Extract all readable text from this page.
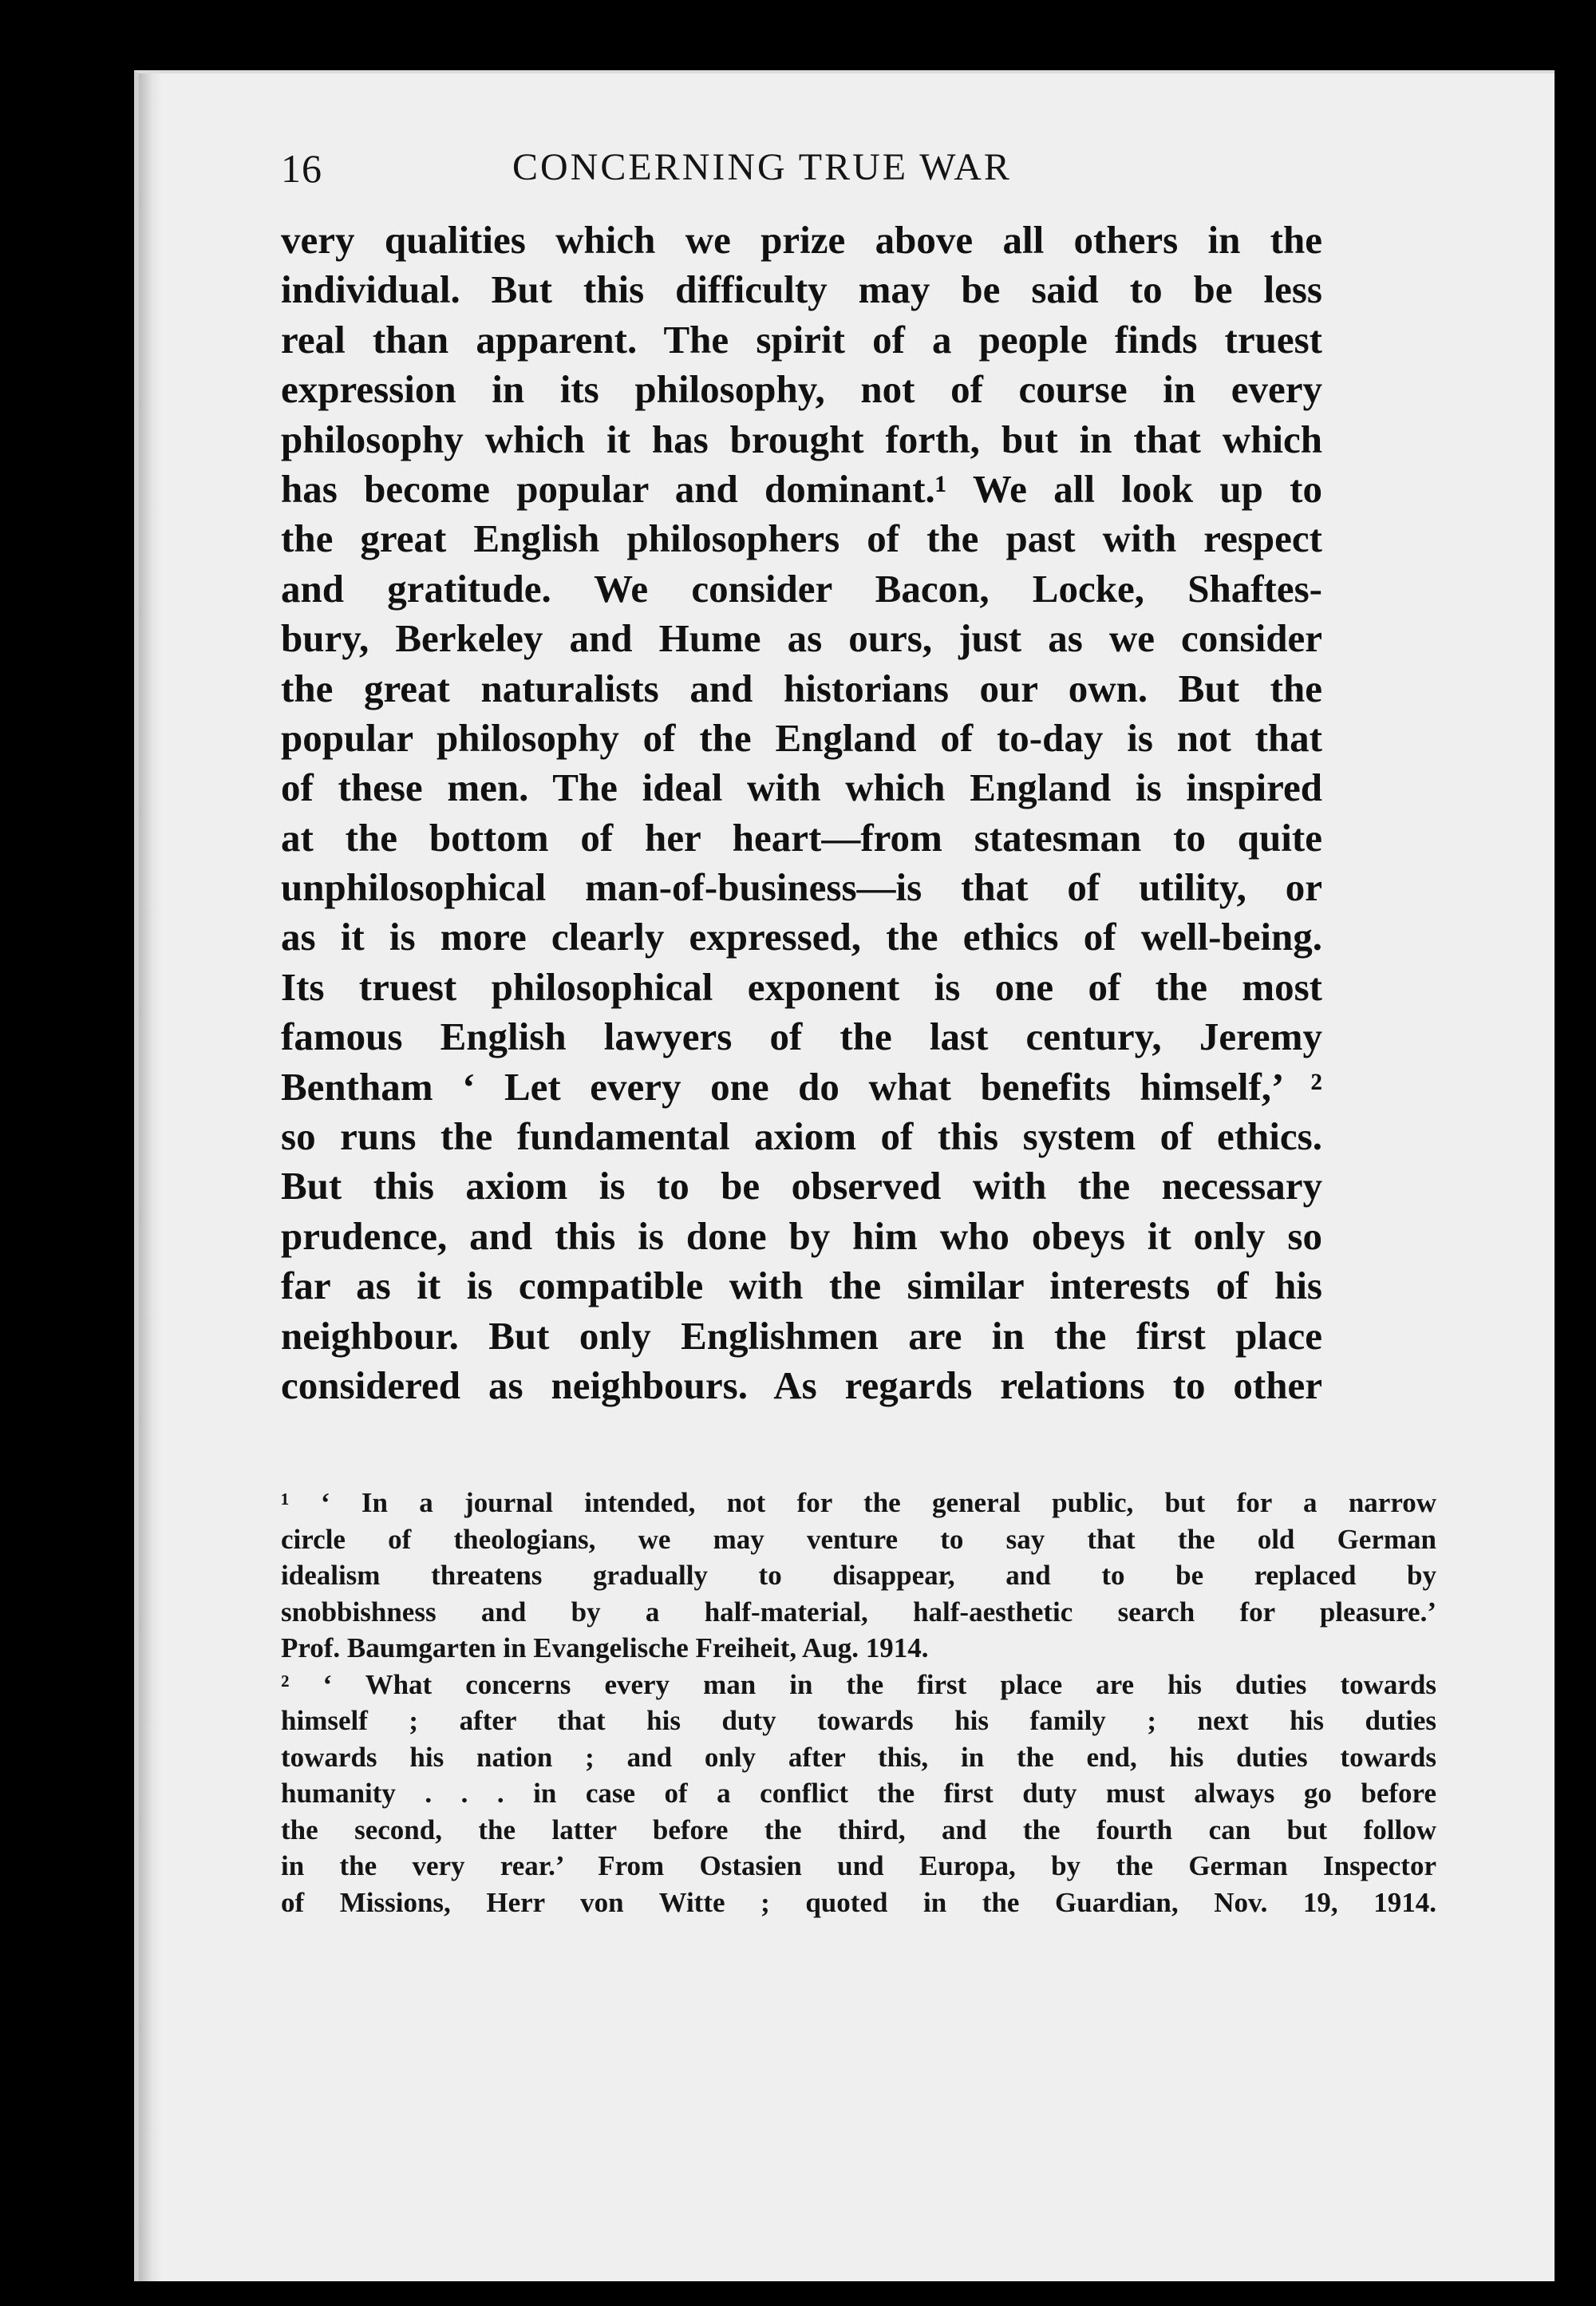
16	CONCERNING TRUE WAR
very qualities which we prize above all others in the
individual. But this difficulty may be said to be less
real than apparent. The spirit of a people finds truest
expression in its philosophy, not of course in every
philosophy which it has brought forth, but in that which
has become popular and dominant.¹ We all look up to
the great English philosophers of the past with respect
and gratitude. We consider Bacon, Locke, Shaftes-
bury, Berkeley and Hume as ours, just as we consider
the great naturalists and historians our own. But the
popular philosophy of the England of to-day is not that
of these men. The ideal with which England is inspired
at the bottom of her heart—from statesman to quite
unphilosophical man-of-business—is that of utility, or
as it is more clearly expressed, the ethics of well-being.
Its truest philosophical exponent is one of the most
famous English lawyers of the last century, Jeremy
Bentham ‘ Let every one do what benefits himself,’ ²
so runs the fundamental axiom of this system of ethics.
But this axiom is to be observed with the necessary
prudence, and this is done by him who obeys it only so
far as it is compatible with the similar interests of his
neighbour. But only Englishmen are in the first place
considered as neighbours. As regards relations to other
¹ ‘ In a journal intended, not for the general public, but for a narrow
circle of theologians, we may venture to say that the old German
idealism threatens gradually to disappear, and to be replaced by
snobbishness and by a half-material, half-aesthetic search for pleasure.’
Prof. Baumgarten in Evangelische Freiheit, Aug. 1914.
² ‘ What concerns every man in the first place are his duties towards
himself ; after that his duty towards his family ; next his duties
towards his nation ; and only after this, in the end, his duties towards
humanity . . . in case of a conflict the first duty must always go before
the second, the latter before the third, and the fourth can but follow
in the very rear.’ From Ostasien und Europa, by the German Inspector
of Missions, Herr von Witte ; quoted in the Guardian, Nov. 19, 1914.
